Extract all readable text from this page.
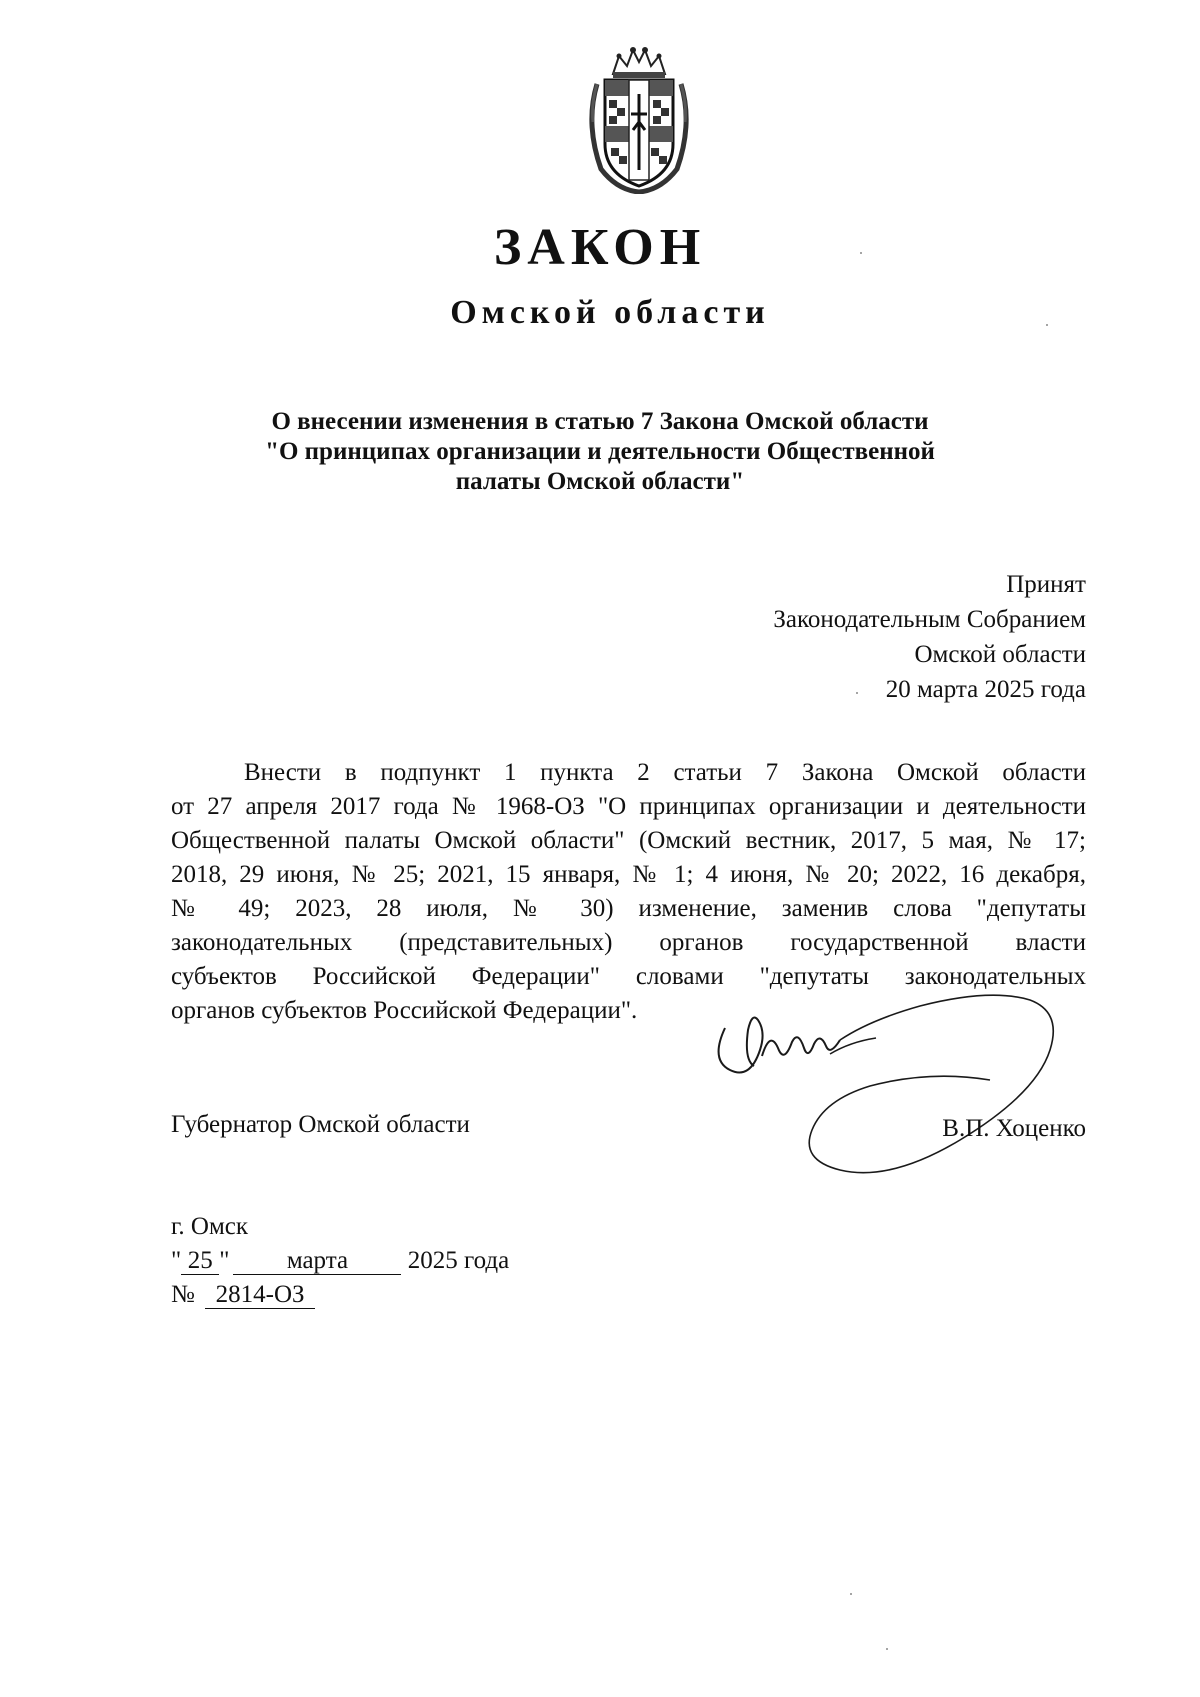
ЗАКОН
Омской области
О внесении изменения в статью 7 Закона Омской области
"О принципах организации и деятельности Общественной
палаты Омской области"
Принят
Законодательным Собранием
Омской области
20 марта 2025 года
Внести в подпункт 1 пункта 2 статьи 7 Закона Омской области
от 27 апреля 2017 года № 1968-ОЗ "О принципах организации и деятельности
Общественной палаты Омской области" (Омский вестник, 2017, 5 мая, № 17;
2018, 29 июня, № 25; 2021, 15 января, № 1; 4 июня, № 20; 2022, 16 декабря,
№ 49; 2023, 28 июля, № 30) изменение, заменив слова "депутаты
законодательных (представительных) органов государственной власти
субъектов Российской Федерации" словами "депутаты законодательных
органов субъектов Российской Федерации".
Губернатор Омской области	В.П. Хоценко
г. Омск
" 25 " марта 2025 года
№ 2814-ОЗ
